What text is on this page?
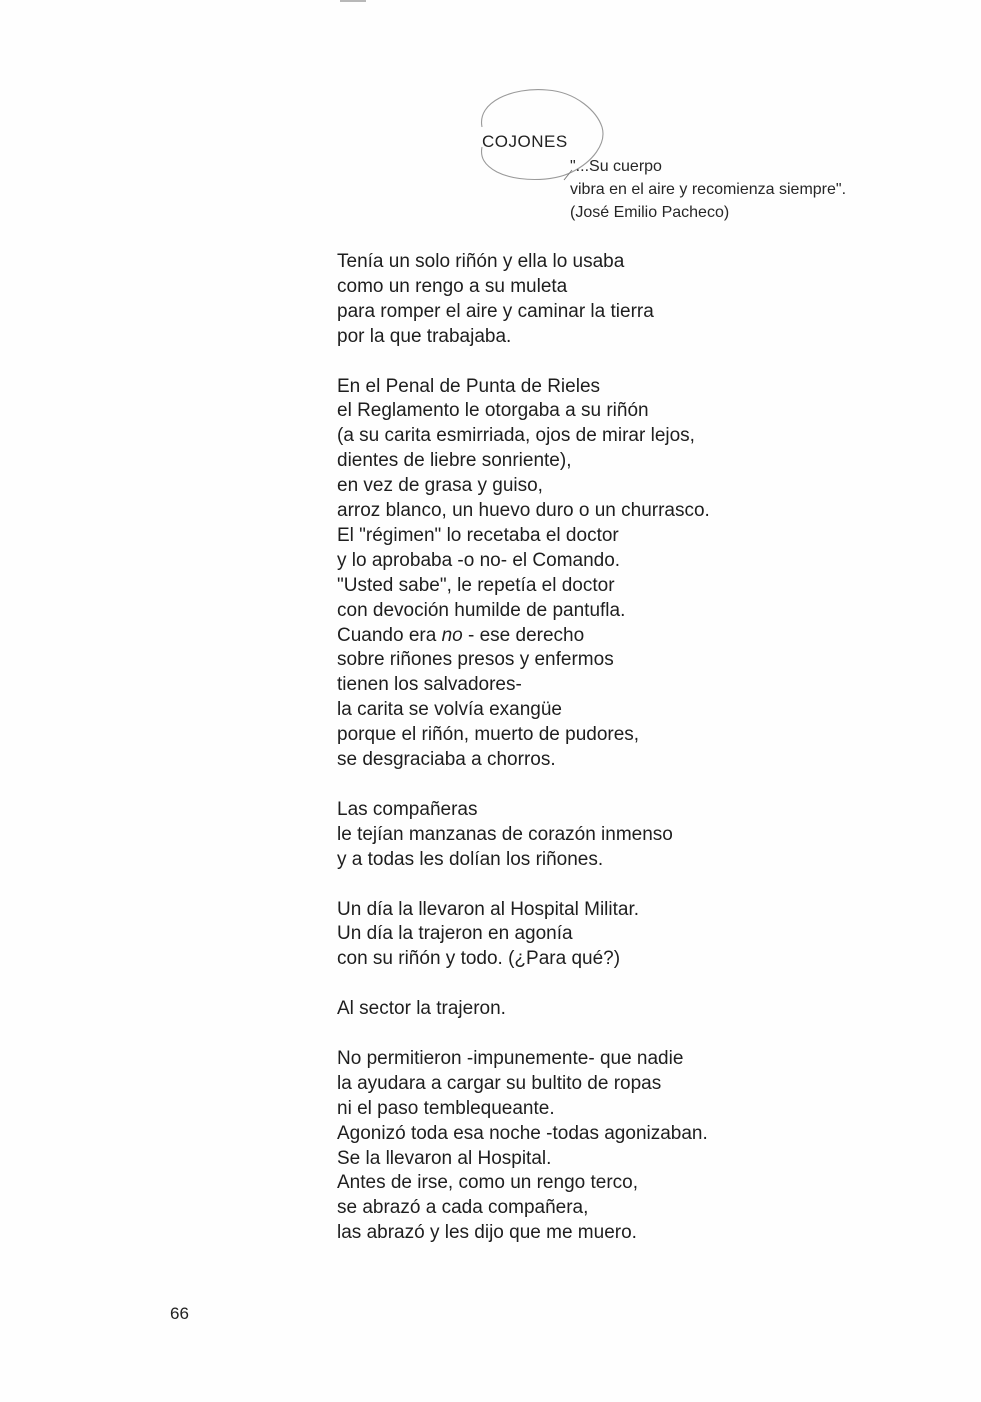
COJONES
"...Su cuerpo
vibra en el aire y recomienza siempre".
(José Emilio Pacheco)
Tenía un solo riñón y ella lo usaba
como un rengo a su muleta
para romper el aire y caminar la tierra
por la que trabajaba.
En el Penal de Punta de Rieles
el Reglamento le otorgaba a su riñón
(a su carita esmirriada, ojos de mirar lejos,
dientes de liebre sonriente),
en vez de grasa y guiso,
arroz blanco, un huevo duro o un churrasco.
El "régimen" lo recetaba el doctor
y lo aprobaba -o no- el Comando.
"Usted sabe", le repetía el doctor
con devoción humilde de pantufla.
Cuando era no - ese derecho
sobre riñones presos y enfermos
tienen los salvadores-
la carita se volvía exangüe
porque el riñón, muerto de pudores,
se desgraciaba a chorros.
Las compañeras
le tejían manzanas de corazón inmenso
y a todas les dolían los riñones.
Un día la llevaron al Hospital Militar.
Un día la trajeron en agonía
con su riñón y todo. (¿Para qué?)
Al sector la trajeron.
No permitieron -impunemente- que nadie
la ayudara a cargar su bultito de ropas
ni el paso temblequeante.
Agonizó toda esa noche -todas agonizaban.
Se la llevaron al Hospital.
Antes de irse, como un rengo terco,
se abrazó a cada compañera,
las abrazó y les dijo que me muero.
66
